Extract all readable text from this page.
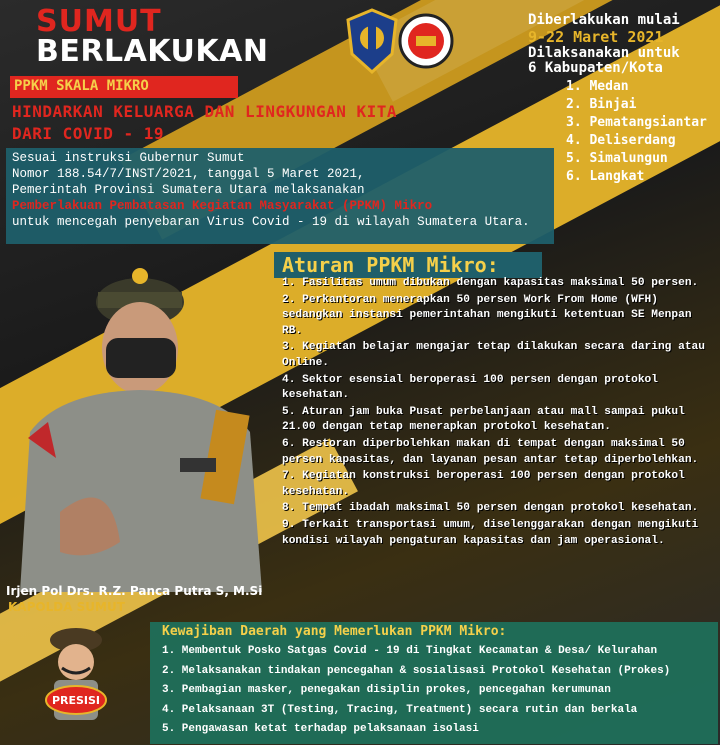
SUMUT
BERLAKUKAN
PPKM SKALA MIKRO
HINDARKAN KELUARGA DAN LINGKUNGAN KITA
DARI COVID - 19
Diberlakukan mulai
9-22 Maret 2021
Dilaksanakan untuk
6 Kabupaten/Kota
1. Medan
2. Binjai
3. Pematangsiantar
4. Deliserdang
5. Simalungun
6. Langkat
Sesuai instruksi Gubernur Sumut
Nomor 188.54/7/INST/2021, tanggal 5 Maret 2021,
Pemerintah Provinsi Sumatera Utara melaksanakan
Pemberlakuan Pembatasan Kegiatan Masyarakat (PPKM) Mikro
untuk mencegah penyebaran Virus Covid - 19 di wilayah Sumatera Utara.
Aturan PPKM Mikro:
1. Fasilitas umum dibukan dengan kapasitas maksimal 50 persen.
2. Perkantoran menerapkan 50 persen Work From Home (WFH) sedangkan instansi pemerintahan mengikuti ketentuan SE Menpan RB.
3. Kegiatan belajar mengajar tetap dilakukan secara daring atau Online.
4. Sektor esensial beroperasi 100 persen dengan protokol kesehatan.
5. Aturan jam buka Pusat perbelanjaan atau mall sampai pukul 21.00 dengan tetap menerapkan protokol kesehatan.
6. Restoran diperbolehkan makan di tempat dengan maksimal 50 persen kapasitas, dan layanan pesan antar tetap diperbolehkan.
7. Kegiatan konstruksi beroperasi 100 persen dengan protokol kesehatan.
8. Tempat ibadah maksimal 50 persen dengan protokol kesehatan.
9. Terkait transportasi umum, diselenggarakan dengan mengikuti kondisi wilayah pengaturan kapasitas dan jam operasional.
Irjen Pol Drs. R.Z. Panca Putra S, M.Si
KAPOLDA SUMUT
PRESISI
Kewajiban Daerah yang Memerlukan PPKM Mikro:
1. Membentuk Posko Satgas Covid - 19 di Tingkat Kecamatan & Desa/ Kelurahan
2. Melaksanakan tindakan pencegahan & sosialisasi Protokol Kesehatan (Prokes)
3. Pembagian masker, penegakan disiplin prokes, pencegahan kerumunan
4. Pelaksanaan 3T (Testing, Tracing, Treatment) secara rutin dan berkala
5. Pengawasan ketat terhadap pelaksanaan isolasi
